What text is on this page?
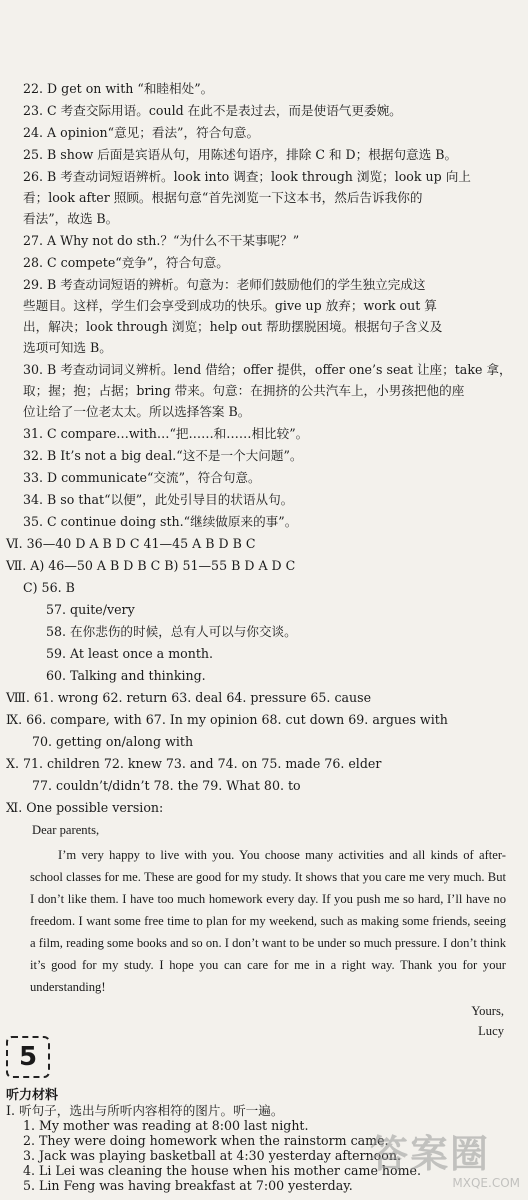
22. D get on with “和睦相处”。
23. C 考查交际用语。could 在此不是表过去，而是使语气更委婉。
24. A opinion“意见；看法”，符合句意。
25. B show 后面是宾语从句，用陈述句语序，排除 C 和 D；根据句意选 B。
26. B 考查动词短语辨析。look into 调查；look through 浏览；look up 向上
看；look after 照顾。根据句意“首先浏览一下这本书，然后告诉我你的
看法”，故选 B。
27. A Why not do sth.？“为什么不干某事呢？”
28. C compete“竞争”，符合句意。
29. B 考查动词短语的辨析。句意为：老师们鼓励他们的学生独立完成这
些题目。这样，学生们会享受到成功的快乐。give up 放弃；work out 算
出，解决；look through 浏览；help out 帮助摆脱困境。根据句子含义及
选项可知选 B。
30. B 考查动词词义辨析。lend 借给；offer 提供，offer one’s seat 让座；take 拿，
取；握；抱；占据；bring 带来。句意：在拥挤的公共汽车上，小男孩把他的座
位让给了一位老太太。所以选择答案 B。
31. C compare…with…“把……和……相比较”。
32. B It’s not a big deal.“这不是一个大问题”。
33. D communicate“交流”，符合句意。
34. B so that“以便”，此处引导目的状语从句。
35. C continue doing sth.“继续做原来的事”。
Ⅵ. 36—40 D A B D C 41—45 A B D B C
Ⅶ. A) 46—50 A B D B C B) 51—55 B D A D C
C) 56. B
57. quite/very
58. 在你悲伤的时候，总有人可以与你交谈。
59. At least once a month.
60. Talking and thinking.
Ⅷ. 61. wrong 62. return 63. deal 64. pressure 65. cause
Ⅸ. 66. compare, with 67. In my opinion 68. cut down 69. argues with
70. getting on/along with
Ⅹ. 71. children 72. knew 73. and 74. on 75. made 76. elder
77. couldn’t/didn’t 78. the 79. What 80. to
Ⅺ. One possible version:
Dear parents,
I’m very happy to live with you. You choose many activities and all kinds of after-school classes for me. These are good for my study. It shows that you care me very much. But I don’t like them. I have too much homework every day. If you push me so hard, I’ll have no freedom. I want some free time to plan for my weekend, such as making some friends, seeing a film, reading some books and so on. I don’t want to be under so much pressure. I don’t think it’s good for my study. I hope you can care for me in a right way. Thank you for your understanding!
Yours,
Lucy
5
听力材料
Ⅰ. 听句子，选出与所听内容相符的图片。听一遍。
1. My mother was reading at 8:00 last night.
2. They were doing homework when the rainstorm came.
3. Jack was playing basketball at 4:30 yesterday afternoon.
4. Li Lei was cleaning the house when his mother came home.
答案圈
MXQE.COM
5. Lin Feng was having breakfast at 7:00 yesterday.
